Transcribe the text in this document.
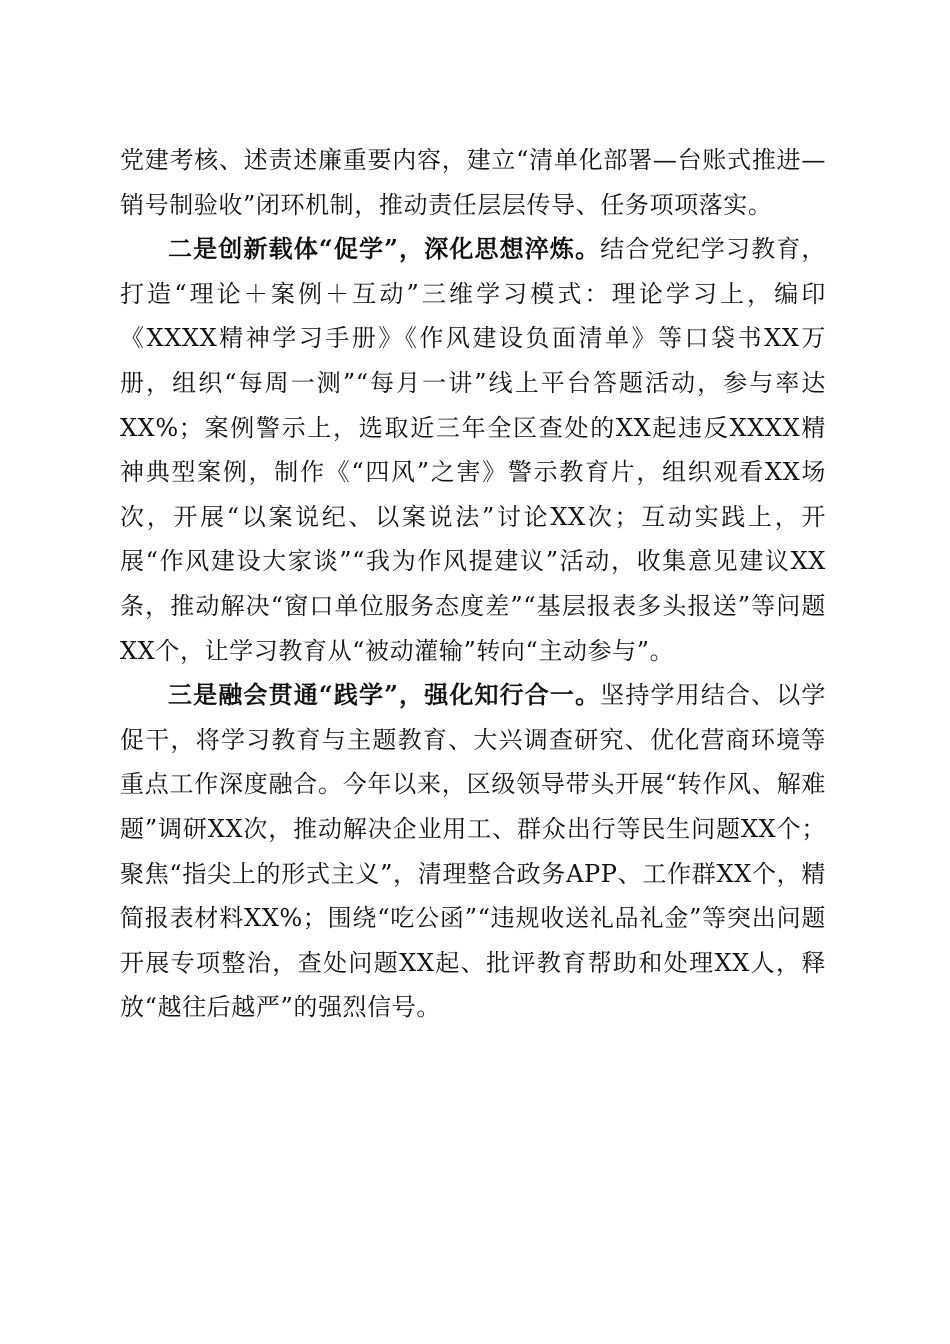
党建考核、述责述廉重要内容，建立“清单化部署—台账式推进—销号制验收”闭环机制，推动责任层层传导、任务项项落实。

二是创新载体“促学”，深化思想淬炼。结合党纪学习教育，打造“理论＋案例＋互动”三维学习模式：理论学习上，编印《XXXX精神学习手册》《作风建设负面清单》等口袋书XX万册，组织“每周一测”“每月一讲”线上平台答题活动，参与率达XX%；案例警示上，选取近三年全区查处的XX起违反XXXX精神典型案例，制作《“四风”之害》警示教育片，组织观看XX场次，开展“以案说纪、以案说法”讨论XX次；互动实践上，开展“作风建设大家谈”“我为作风提建议”活动，收集意见建议XX条，推动解决“窗口单位服务态度差”“基层报表多头报送”等问题XX个，让学习教育从“被动灌输”转向“主动参与”。

三是融会贯通“践学”，强化知行合一。坚持学用结合、以学促干，将学习教育与主题教育、大兴调查研究、优化营商环境等重点工作深度融合。今年以来，区级领导带头开展“转作风、解难题”调研XX次，推动解决企业用工、群众出行等民生问题XX个；聚焦“指尖上的形式主义”，清理整合政务APP、工作群XX个，精简报表材料XX%；围绕“吃公函”“违规收送礼品礼金”等突出问题开展专项整治，查处问题XX起、批评教育帮助和处理XX人，释放“越往后越严”的强烈信号。
